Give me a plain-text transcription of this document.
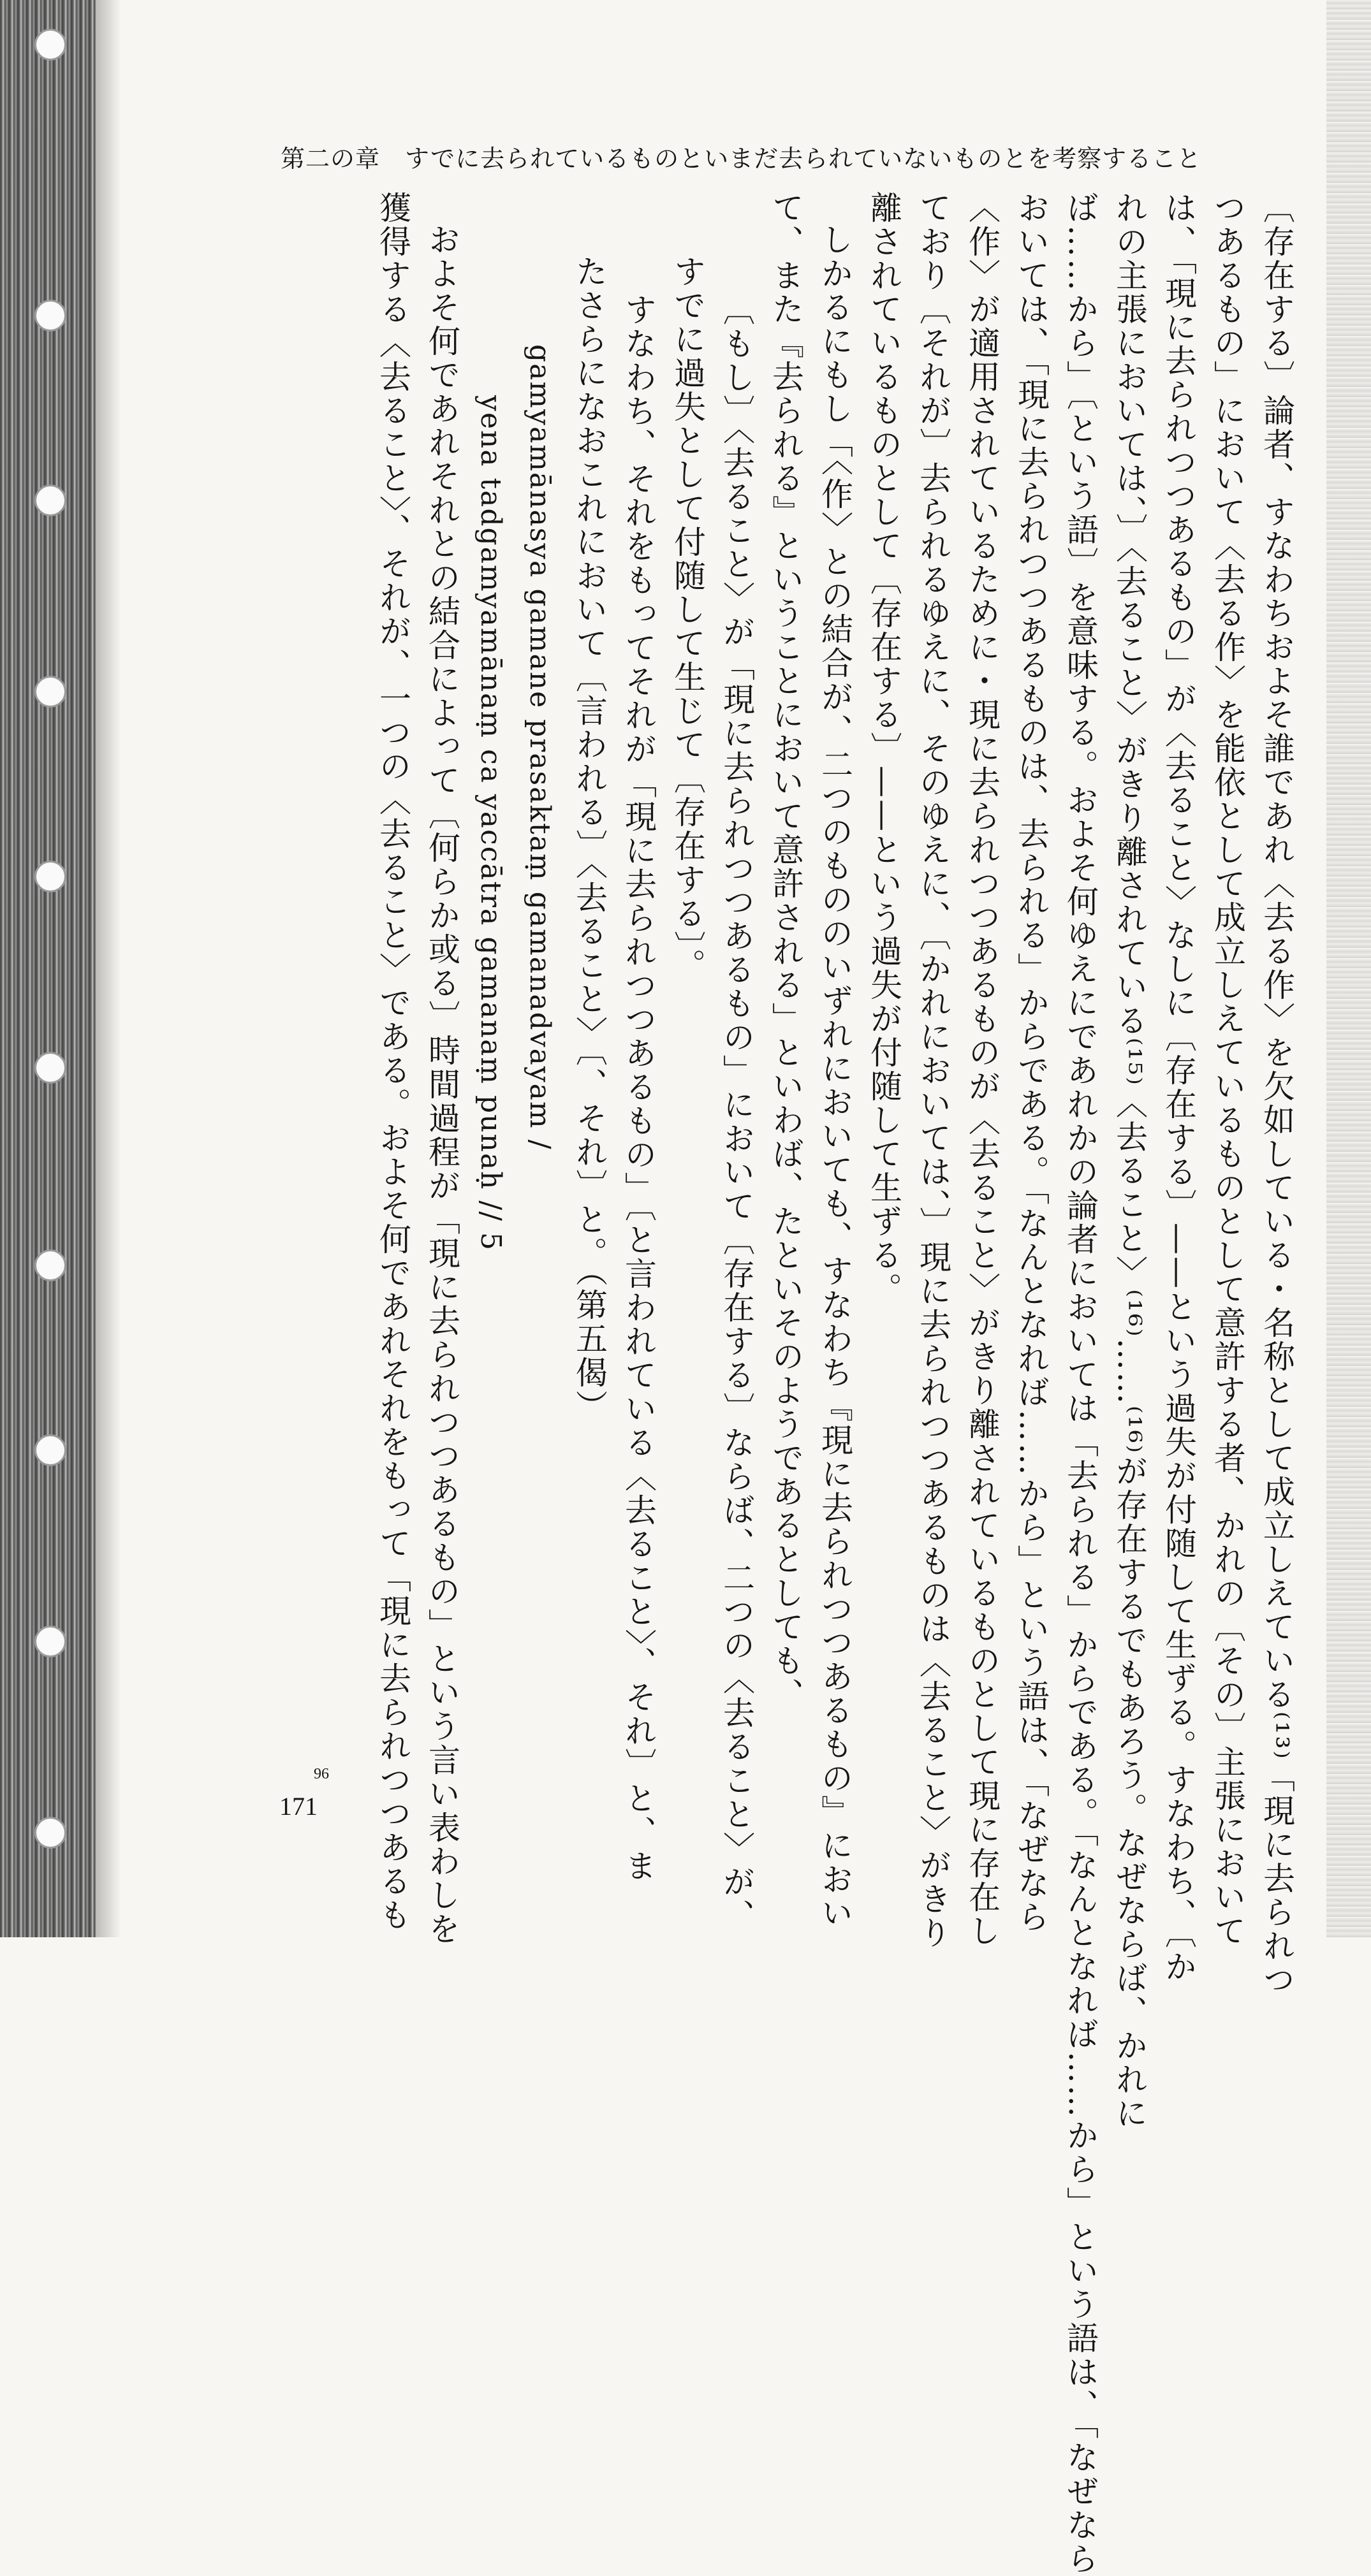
第二の章　すでに去られているものといまだ去られていないものとを考察すること
〔存在する〕論者、すなわちおよそ誰であれ〈去る作〉を欠如している・名称として成立しえている⁽¹³⁾「現に去られつ
つあるもの」において〈去る作〉を能依として成立しえているものとして意許する者、かれの〔その〕主張において
は、「現に去られつつあるもの」が〈去ること〉なしに〔存在する〕——という過失が付随して生ずる。すなわち、〔か
れの主張においては、〕〈去ること〉がきり離されている⁽¹⁵⁾〈去ること〉⁽¹⁶⁾……⁽¹⁶⁾が存在するでもあろう。なぜならば、かれに
ば……から」〔という語〕を意味する。およそ何ゆえにであれかの論者においては「去られる」からである。「なんとなれば……から」という語は、「なぜなら
おいては、「現に去られつつあるものは、去られる」からである。「なんとなれば……から」という語は、「なぜなら
〈作〉が適用されているために・現に去られつつあるものが〈去ること〉がきり離されているものとして現に存在し
ており〔それが〕去られるゆえに、そのゆえに、〔かれにおいては、〕現に去られつつあるものは〈去ること〉がきり
離されているものとして〔存在する〕——という過失が付随して生ずる。
しかるにもし「〈作〉との結合が、二つのもののいずれにおいても、すなわち『現に去られつつあるもの』におい
て、また『去られる』ということにおいて意許される」といわば、たといそのようであるとしても、
〔もし〕〈去ること〉が「現に去られつつあるもの」において〔存在する〕ならば、二つの〈去ること〉が、
すでに過失として付随して生じて〔存在する〕。
すなわち、それをもってそれが「現に去られつつあるもの」〔と言われている〈去ること〉、それ〕と、ま
たさらになおこれにおいて〔言われる〕〈去ること〉〔、それ〕と。（第五偈）
gamyamānasya gamane prasaktaṃ gamanadvayam /
yena tadgamyamānaṃ ca yaccātra gamanaṃ punaḥ // 5
およそ何であれそれとの結合によって〔何らか或る〕時間過程が「現に去られつつあるもの」という言い表わしを
獲得する〈去ること〉、それが、一つの〈去ること〉である。およそ何であれそれをもって「現に去られつつあるも
96
171
